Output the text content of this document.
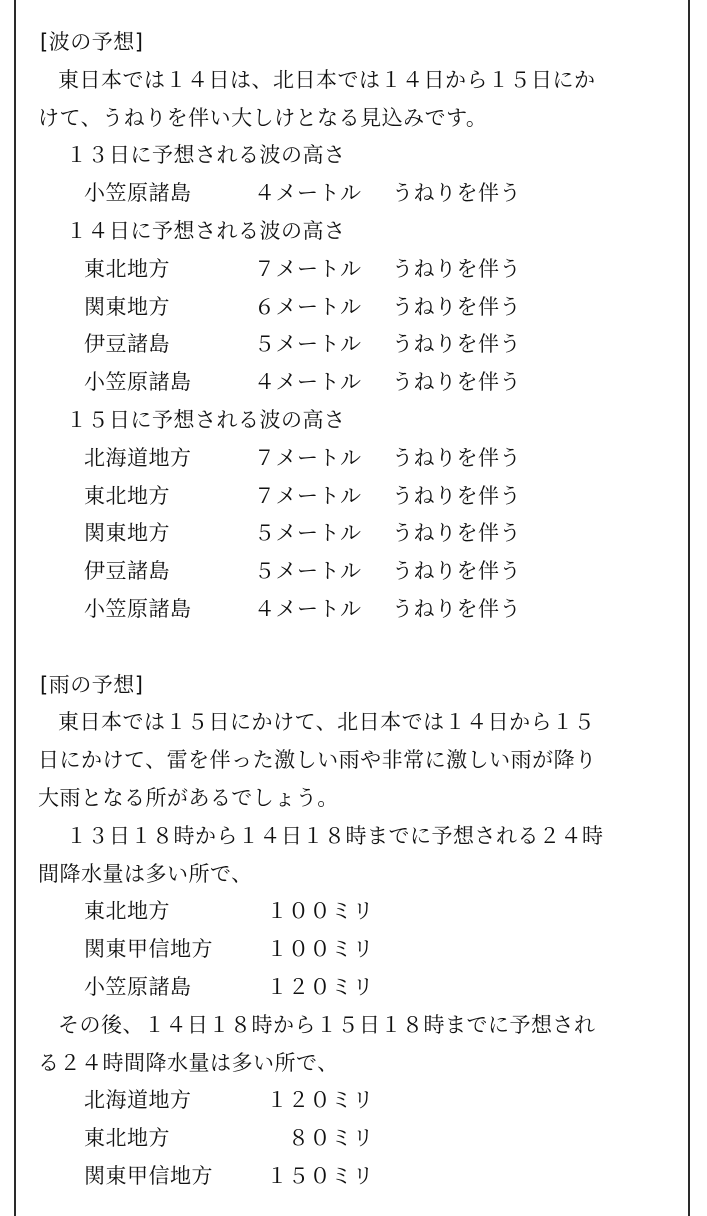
[波の予想]
東日本では１４日は、北日本では１４日から１５日にか
けて、うねりを伴い大しけとなる見込みです。
１３日に予想される波の高さ
小笠原諸島	４メートル	うねりを伴う
１４日に予想される波の高さ
東北地方	７メートル	うねりを伴う
関東地方	６メートル	うねりを伴う
伊豆諸島	５メートル	うねりを伴う
小笠原諸島	４メートル	うねりを伴う
１５日に予想される波の高さ
北海道地方	７メートル	うねりを伴う
東北地方	７メートル	うねりを伴う
関東地方	５メートル	うねりを伴う
伊豆諸島	５メートル	うねりを伴う
小笠原諸島	４メートル	うねりを伴う
[雨の予想]
東日本では１５日にかけて、北日本では１４日から１５
日にかけて、雷を伴った激しい雨や非常に激しい雨が降り
大雨となる所があるでしょう。
１３日１８時から１４日１８時までに予想される２４時
間降水量は多い所で、
東北地方	１００ミリ
関東甲信地方	１００ミリ
小笠原諸島	１２０ミリ
その後、１４日１８時から１５日１８時までに予想され
る２４時間降水量は多い所で、
北海道地方	１２０ミリ
東北地方	８０ミリ
関東甲信地方	１５０ミリ
